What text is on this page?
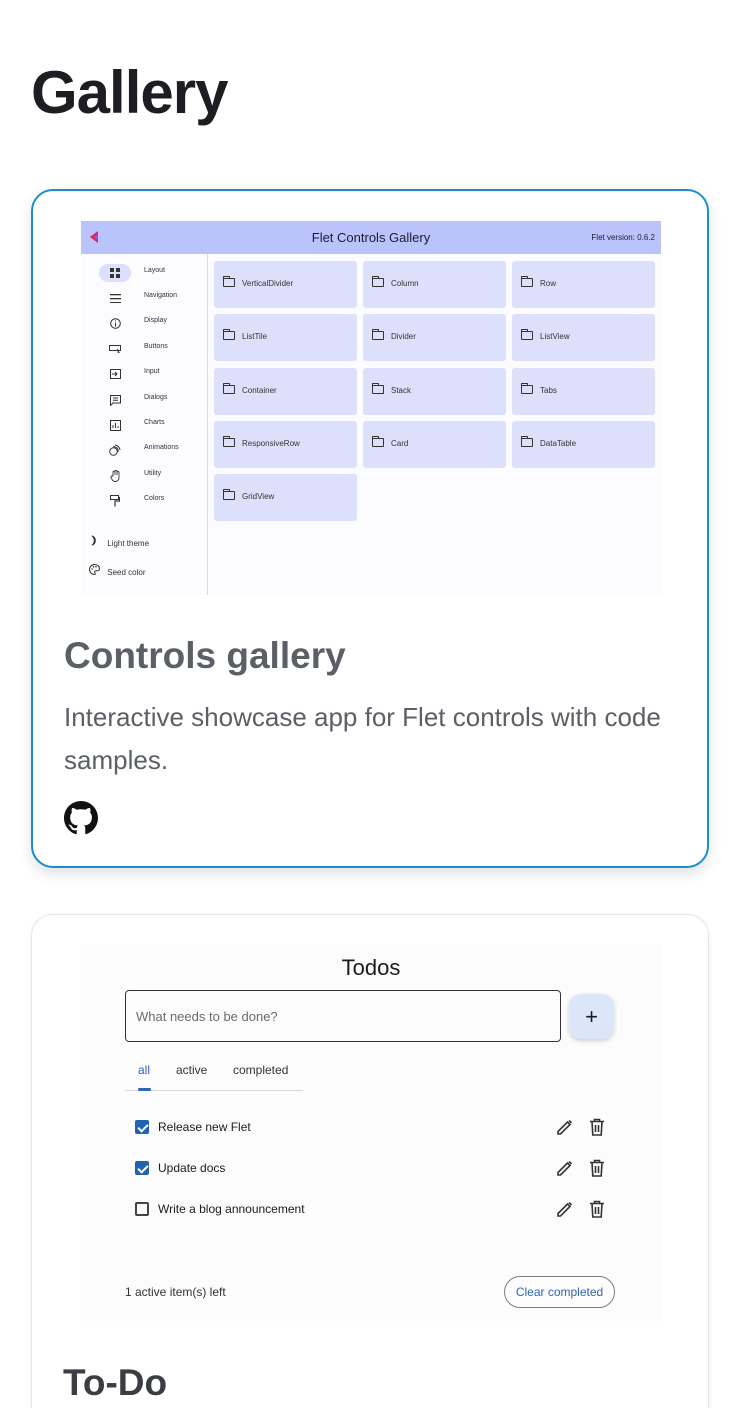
Gallery
Flet Controls Gallery	Flet version: 0.6.2
Layout
Navigation
Display
Buttons
Input
Dialogs
Charts
Animations
Utility
Colors
Light theme
Seed color
VerticalDivider	Column	Row
ListTile	Divider	ListView
Container	Stack	Tabs
ResponsiveRow	Card	DataTable
GridView
Controls gallery
Interactive showcase app for Flet controls with code samples.
Todos
What needs to be done?
+
all active completed
Release new Flet
Update docs
Write a blog announcement
1 active item(s) left	Clear completed
To-Do
